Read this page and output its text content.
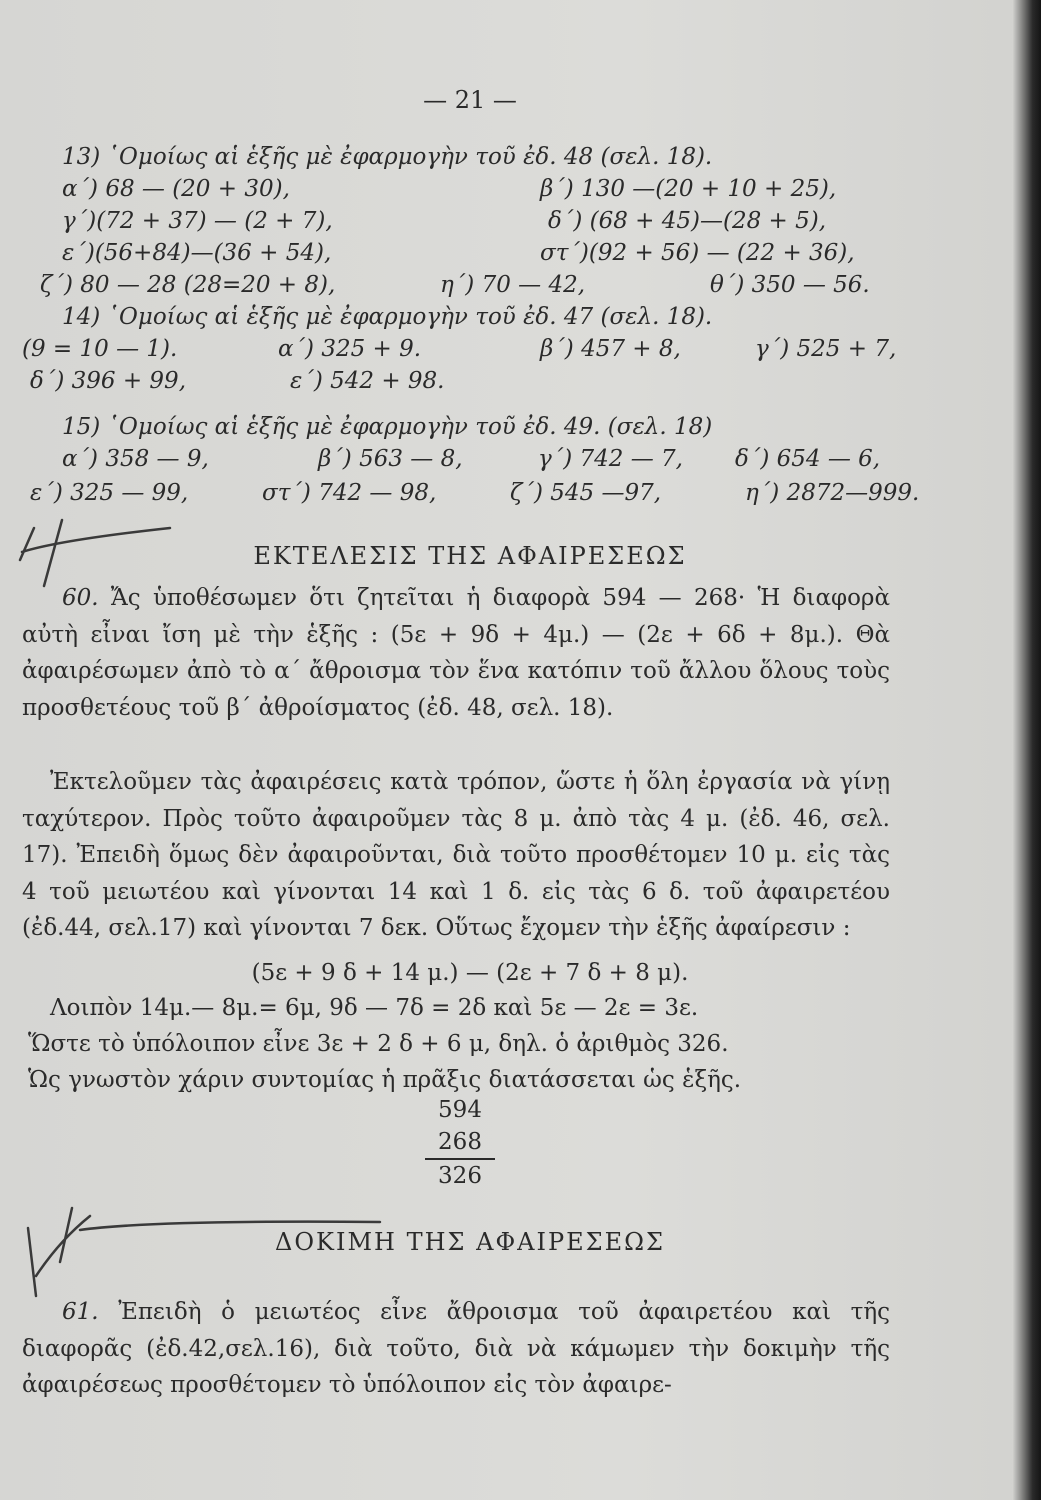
— 21 —
13) ῾Ομοίως αἱ ἑξῆς μὲ ἐφαρμογὴν τοῦ ἐδ. 48 (σελ. 18).
α΄) 68 — (20 + 30),	β΄) 130 —(20 + 10 + 25),
γ΄)(72 + 37) — (2 + 7),	δ΄) (68 + 45)—(28 + 5),
ε΄)(56+84)—(36 + 54),	στ΄)(92 + 56) — (22 + 36),
ζ΄) 80 — 28 (28=20 + 8),	η΄) 70 — 42,	θ΄) 350 — 56.
14) ῾Ομοίως αἱ ἑξῆς μὲ ἐφαρμογὴν τοῦ ἐδ. 47 (σελ. 18).
(9 = 10 — 1).	α΄) 325 + 9.	β΄) 457 + 8,	γ΄) 525 + 7,
δ΄) 396 + 99,	ε΄) 542 + 98.
15) ῾Ομοίως αἱ ἑξῆς μὲ ἐφαρμογὴν τοῦ ἐδ. 49. (σελ. 18)
α΄) 358 — 9,	β΄) 563 — 8,	γ΄) 742 — 7, δ΄) 654 — 6,
ε΄) 325 — 99,	στ΄) 742 — 98,	ζ΄) 545 —97,	η΄) 2872—999.
ΕΚΤΕΛΕΣΙΣ ΤΗΣ ΑΦΑΙΡΕΣΕΩΣ
60. Ἄς ὑποθέσωμεν ὅτι ζητεῖται ἡ διαφορὰ 594 — 268· Ἡ διαφορὰ αὐτὴ εἶναι ἴση μὲ τὴν ἑξῆς : (5ε + 9δ + 4μ.) — (2ε + 6δ + 8μ.). Θὰ ἀφαιρέσωμεν ἀπὸ τὸ α΄ ἄθροισμα τὸν ἕνα κατόπιν τοῦ ἄλλου ὅλους τοὺς προσθετέους τοῦ β΄ ἀθροίσματος (ἐδ. 48, σελ. 18).
Ἐκτελοῦμεν τὰς ἀφαιρέσεις κατὰ τρόπον, ὥστε ἡ ὅλη ἐργασία νὰ γίνῃ ταχύτερον. Πρὸς τοῦτο ἀφαιροῦμεν τὰς 8 μ. ἀπὸ τὰς 4 μ. (ἐδ. 46, σελ. 17). Ἐπειδὴ ὅμως δὲν ἀφαιροῦνται, διὰ τοῦτο προσθέτομεν 10 μ. εἰς τὰς 4 τοῦ μειωτέου καὶ γίνονται 14 καὶ 1 δ. εἰς τὰς 6 δ. τοῦ ἀφαιρετέου (ἐδ.44, σελ.17) καὶ γίνονται 7 δεκ. Οὕτως ἔχομεν τὴν ἑξῆς ἀφαίρεσιν :
(5ε + 9 δ + 14 μ.) — (2ε + 7 δ + 8 μ).
Λοιπὸν 14μ.— 8μ.= 6μ, 9δ — 7δ = 2δ καὶ 5ε — 2ε = 3ε.
Ὥστε τὸ ὑπόλοιπον εἶνε 3ε + 2 δ + 6 μ, δηλ. ὁ ἀριθμὸς 326.
Ὡς γνωστὸν χάριν συντομίας ἡ πρᾶξις διατάσσεται ὡς ἑξῆς.
594
268
326
ΔΟΚΙΜΗ ΤΗΣ ΑΦΑΙΡΕΣΕΩΣ
61. Ἐπειδὴ ὁ μειωτέος εἶνε ἄθροισμα τοῦ ἀφαιρετέου καὶ τῆς διαφορᾶς (ἐδ.42,σελ.16), διὰ τοῦτο, διὰ νὰ κάμωμεν τὴν δοκιμὴν τῆς ἀφαιρέσεως προσθέτομεν τὸ ὑπόλοιπον εἰς τὸν ἀφαιρε-
